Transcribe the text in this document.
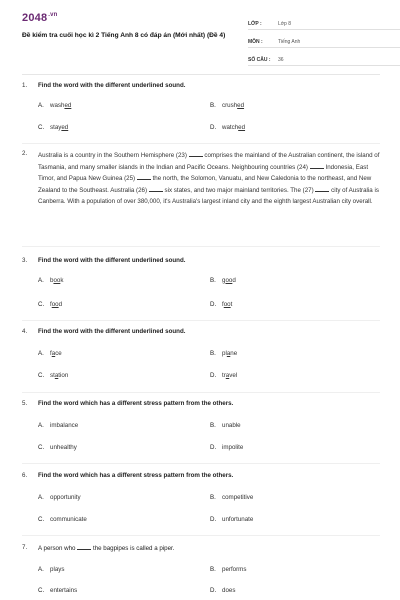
$2048^{.vn}$
Đề kiểm tra cuối học kì 2 Tiếng Anh 8 có đáp án (Mới nhất) (Đề 4)
LỚP :	Lớp 8
MÔN :	Tiếng Anh
SỐ CÂU :	36
1.	Find the word with the different underlined sound.
A. washed	B. crushed
C. stayed	D. watched
2.	Australia is a country in the Southern Hemisphere (23)	comprises the mainland of the Australian continent, the island of Tasmania, and many smaller islands in the Indian and Pacific Oceans. Neighbouring countries (24)	Indonesia, East Timor, and Papua New Guinea (25)	the north, the Solomon, Vanuatu, and New Caledonia to the northeast, and New Zealand to the Southeast. Australia (26)	six states, and two major mainland territories. The (27)	city of Australia is Canberra. With a population of over 380,000, it's Australia's largest inland city and the eighth largest Australian city overall.
3.	Find the word with the different underlined sound.
A. book	B. good
C. food	D. foot
4.	Find the word with the different underlined sound.
A. face	B. plane
C. station	D. travel
5.	Find the word which has a different stress pattern from the others.
A. imbalance	B. unable
C. unhealthy	D. impolite
6.	Find the word which has a different stress pattern from the others.
A. opportunity	B. competitive
C. communicate	D. unfortunate
7.	A person who	the bagpipes is called a piper.
A. plays	B. performs
C. entertains	D. does
